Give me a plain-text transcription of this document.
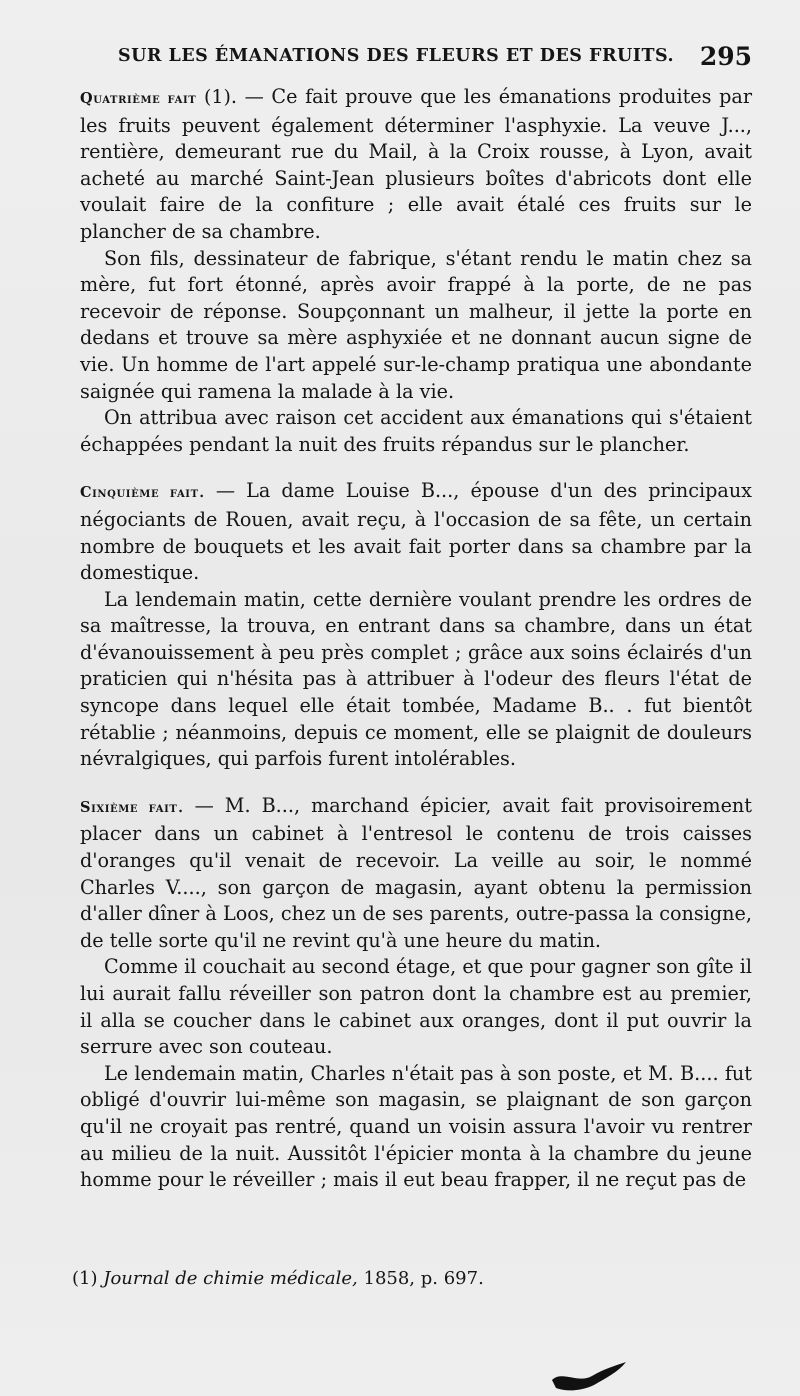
SUR LES ÉMANATIONS DES FLEURS ET DES FRUITS. 295

Quatrième fait (1). — Ce fait prouve que les émanations produites par les fruits peuvent également déterminer l'asphyxie. La veuve J..., rentière, demeurant rue du Mail, à la Croix rousse, à Lyon, avait acheté au marché Saint-Jean plusieurs boîtes d'abricots dont elle voulait faire de la confiture ; elle avait étalé ces fruits sur le plancher de sa chambre.

Son fils, dessinateur de fabrique, s'étant rendu le matin chez sa mère, fut fort étonné, après avoir frappé à la porte, de ne pas recevoir de réponse. Soupçonnant un malheur, il jette la porte en dedans et trouve sa mère asphyxiée et ne donnant aucun signe de vie. Un homme de l'art appelé sur-le-champ pratiqua une abondante saignée qui ramena la malade à la vie.

On attribua avec raison cet accident aux émanations qui s'étaient échappées pendant la nuit des fruits répandus sur le plancher.

Cinquième fait. — La dame Louise B..., épouse d'un des principaux négociants de Rouen, avait reçu, à l'occasion de sa fête, un certain nombre de bouquets et les avait fait porter dans sa chambre par la domestique.

La lendemain matin, cette dernière voulant prendre les ordres de sa maîtresse, la trouva, en entrant dans sa chambre, dans un état d'évanouissement à peu près complet ; grâce aux soins éclairés d'un praticien qui n'hésita pas à attribuer à l'odeur des fleurs l'état de syncope dans lequel elle était tombée, Madame B.. . fut bientôt rétablie ; néanmoins, depuis ce moment, elle se plaignit de douleurs névralgiques, qui parfois furent intolérables.

Sixième fait. — M. B..., marchand épicier, avait fait provisoirement placer dans un cabinet à l'entresol le contenu de trois caisses d'oranges qu'il venait de recevoir. La veille au soir, le nommé Charles V...., son garçon de magasin, ayant obtenu la permission d'aller dîner à Loos, chez un de ses parents, outre-passa la consigne, de telle sorte qu'il ne revint qu'à une heure du matin.

Comme il couchait au second étage, et que pour gagner son gîte il lui aurait fallu réveiller son patron dont la chambre est au premier, il alla se coucher dans le cabinet aux oranges, dont il put ouvrir la serrure avec son couteau.

Le lendemain matin, Charles n'était pas à son poste, et M. B.... fut obligé d'ouvrir lui-même son magasin, se plaignant de son garçon qu'il ne croyait pas rentré, quand un voisin assura l'avoir vu rentrer au milieu de la nuit. Aussitôt l'épicier monta à la chambre du jeune homme pour le réveiller ; mais il eut beau frapper, il ne reçut pas de

(1) Journal de chimie médicale, 1858, p. 697.
